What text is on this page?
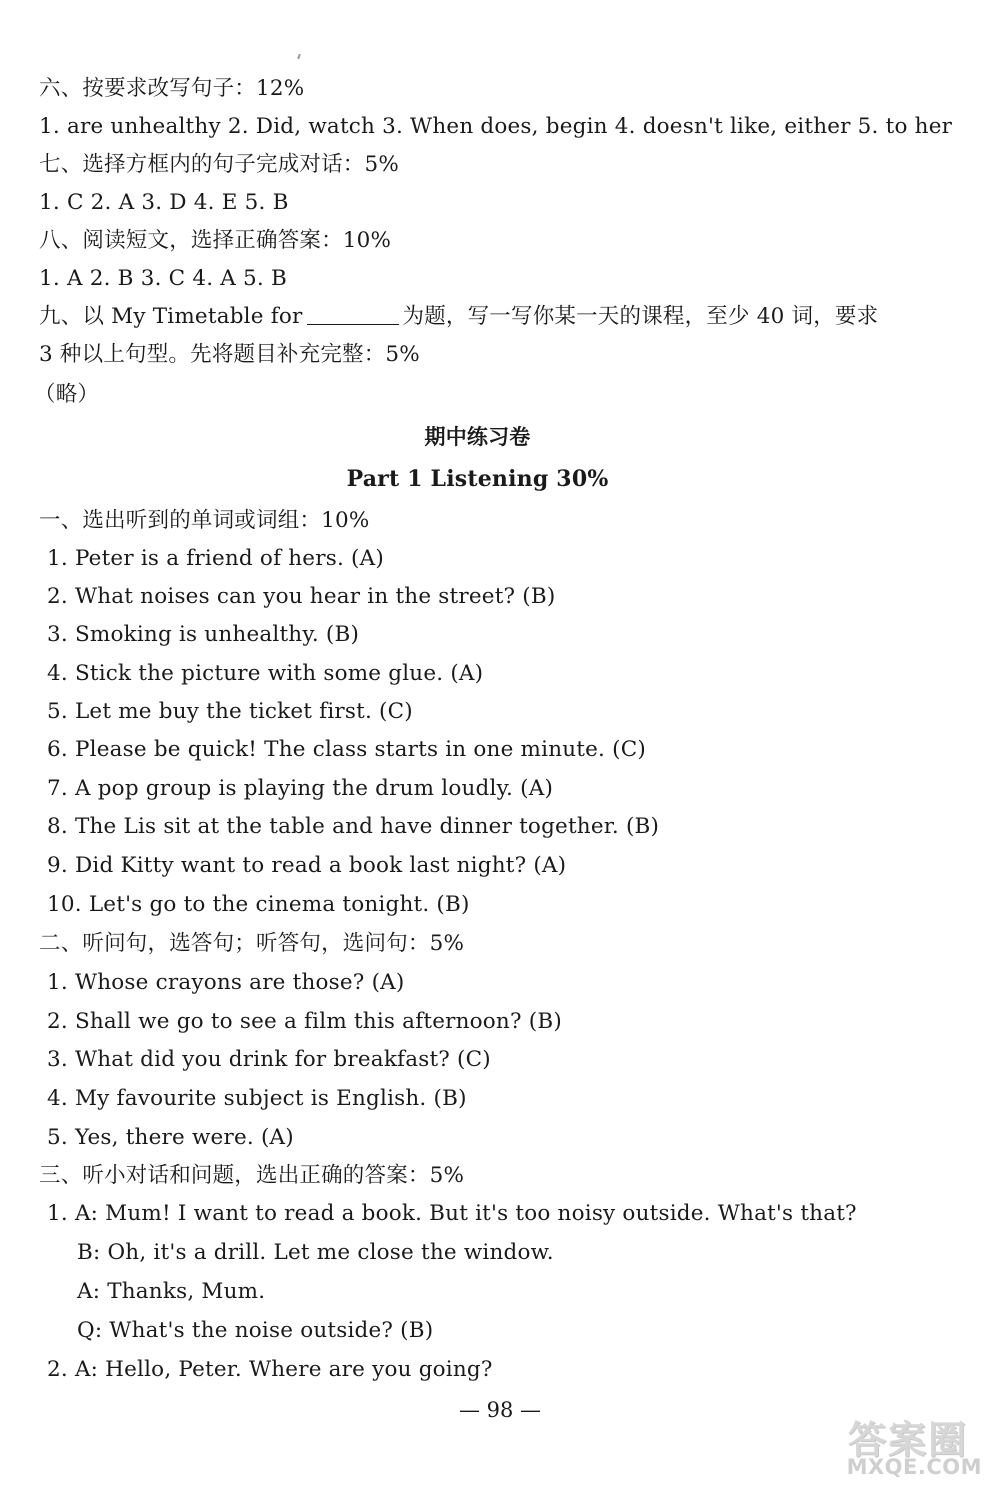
六、按要求改写句子：12%
1. are unhealthy 2. Did, watch 3. When does, begin 4. doesn't like, either 5. to her
七、选择方框内的句子完成对话：5%
1. C 2. A 3. D 4. E 5. B
八、阅读短文，选择正确答案：10%
1. A 2. B 3. C 4. A 5. B
九、以 My Timetable for	为题，写一写你某一天的课程，至少 40 词，要求
3 种以上句型。先将题目补充完整：5%
（略）
期中练习卷
Part 1 Listening 30%
一、选出听到的单词或词组：10%
1. Peter is a friend of hers. (A)
2. What noises can you hear in the street? (B)
3. Smoking is unhealthy. (B)
4. Stick the picture with some glue. (A)
5. Let me buy the ticket first. (C)
6. Please be quick! The class starts in one minute. (C)
7. A pop group is playing the drum loudly. (A)
8. The Lis sit at the table and have dinner together. (B)
9. Did Kitty want to read a book last night? (A)
10. Let's go to the cinema tonight. (B)
二、听问句，选答句；听答句，选问句：5%
1. Whose crayons are those? (A)
2. Shall we go to see a film this afternoon? (B)
3. What did you drink for breakfast? (C)
4. My favourite subject is English. (B)
5. Yes, there were. (A)
三、听小对话和问题，选出正确的答案：5%
1. A: Mum! I want to read a book. But it's too noisy outside. What's that?
B: Oh, it's a drill. Let me close the window.
A: Thanks, Mum.
Q: What's the noise outside? (B)
2. A: Hello, Peter. Where are you going?
— 98 —
答案圈
MXQE.COM
